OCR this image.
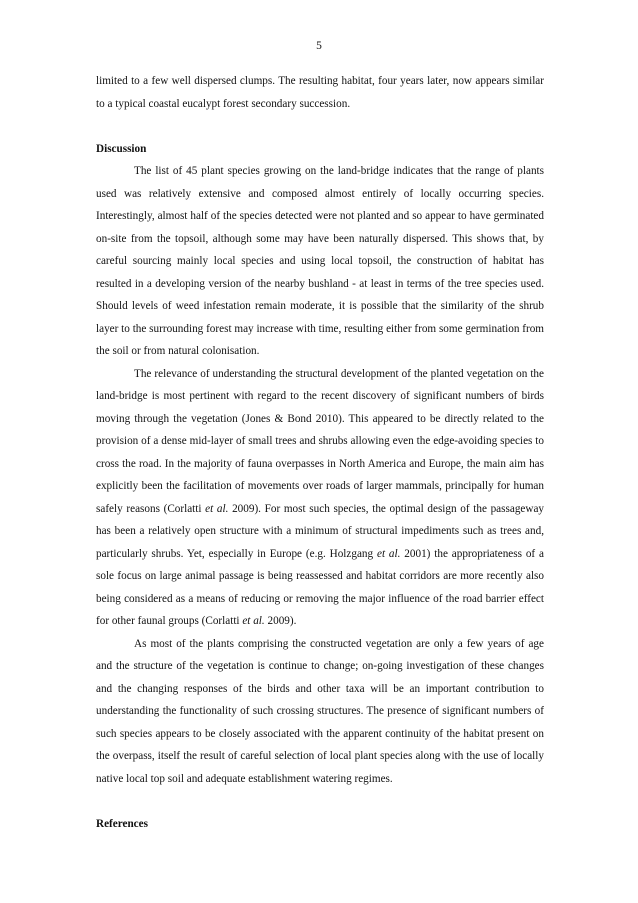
5

limited to a few well dispersed clumps. The resulting habitat, four years later, now appears similar to a typical coastal eucalypt forest secondary succession.

Discussion

The list of 45 plant species growing on the land-bridge indicates that the range of plants used was relatively extensive and composed almost entirely of locally occurring species. Interestingly, almost half of the species detected were not planted and so appear to have germinated on-site from the topsoil, although some may have been naturally dispersed. This shows that, by careful sourcing mainly local species and using local topsoil, the construction of habitat has resulted in a developing version of the nearby bushland - at least in terms of the tree species used. Should levels of weed infestation remain moderate, it is possible that the similarity of the shrub layer to the surrounding forest may increase with time, resulting either from some germination from the soil or from natural colonisation.

The relevance of understanding the structural development of the planted vegetation on the land-bridge is most pertinent with regard to the recent discovery of significant numbers of birds moving through the vegetation (Jones & Bond 2010). This appeared to be directly related to the provision of a dense mid-layer of small trees and shrubs allowing even the edge-avoiding species to cross the road. In the majority of fauna overpasses in North America and Europe, the main aim has explicitly been the facilitation of movements over roads of larger mammals, principally for human safely reasons (Corlatti et al. 2009). For most such species, the optimal design of the passageway has been a relatively open structure with a minimum of structural impediments such as trees and, particularly shrubs. Yet, especially in Europe (e.g. Holzgang et al. 2001) the appropriateness of a sole focus on large animal passage is being reassessed and habitat corridors are more recently also being considered as a means of reducing or removing the major influence of the road barrier effect for other faunal groups (Corlatti et al. 2009).

As most of the plants comprising the constructed vegetation are only a few years of age and the structure of the vegetation is continue to change; on-going investigation of these changes and the changing responses of the birds and other taxa will be an important contribution to understanding the functionality of such crossing structures. The presence of significant numbers of such species appears to be closely associated with the apparent continuity of the habitat present on the overpass, itself the result of careful selection of local plant species along with the use of locally native local top soil and adequate establishment watering regimes.

References
